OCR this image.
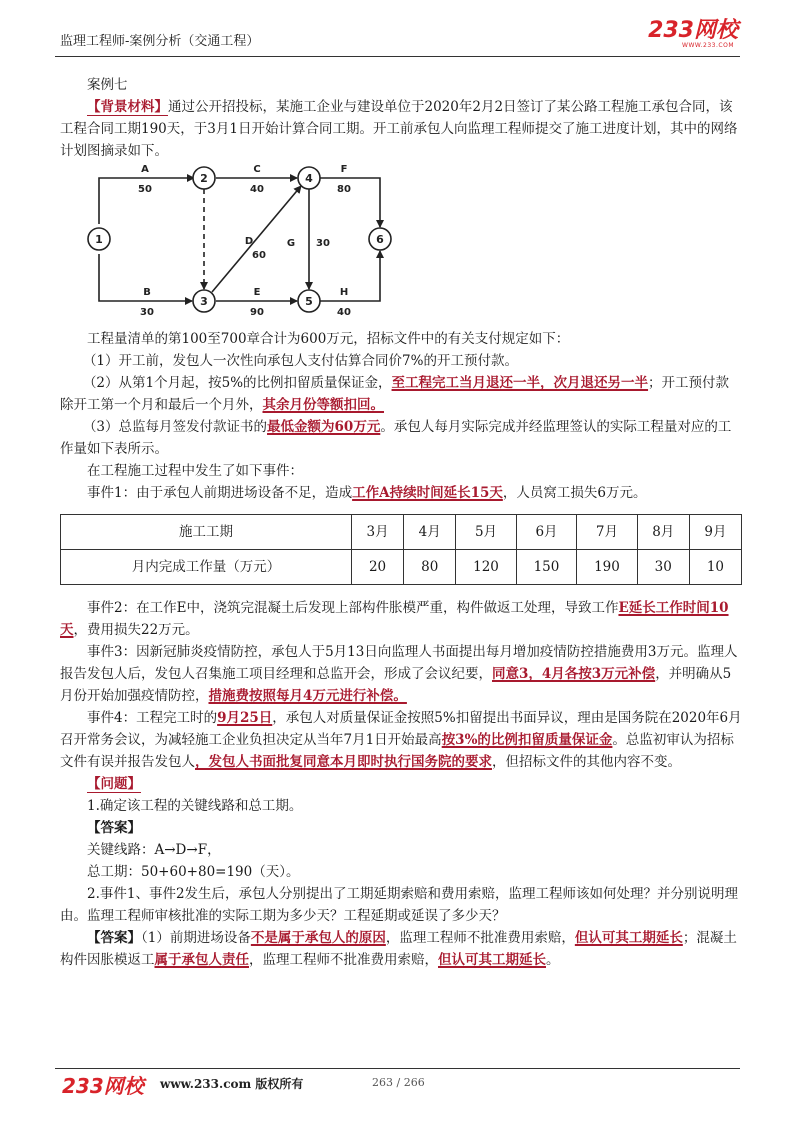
监理工程师-案例分析（交通工程）	233网校
WWW.233.COM

案例七

【背景材料】通过公开招投标，某施工企业与建设单位于2020年2月2日签订了某公路工程施工承包合同，该工程合同工期190天，于3月1日开始计算合同工期。开工前承包人向监理工程师提交了施工进度计划，其中的网络计划图摘录如下。

1
2
3
4
5
6
A
50
B
30
C
40
D
60
E
90
F
80
G 30
H
40

工程量清单的第100至700章合计为600万元，招标文件中的有关支付规定如下：

（1）开工前，发包人一次性向承包人支付估算合同价7%的开工预付款。

（2）从第1个月起，按5%的比例扣留质量保证金，至工程完工当月退还一半，次月退还另一半；开工预付款除开工第一个月和最后一个月外，其余月份等额扣回。

（3）总监每月签发付款证书的最低金额为60万元。承包人每月实际完成并经监理签认的实际工程量对应的工作量如下表所示。

在工程施工过程中发生了如下事件：

事件1：由于承包人前期进场设备不足，造成工作A持续时间延长15天，人员窝工损失6万元。

施工工期	3月	4月	5月	6月	7月	8月	9月
月内完成工作量（万元）	20	80	120	150	190	30	10

事件2：在工作E中，浇筑完混凝土后发现上部构件胀模严重，构件做返工处理，导致工作E延长工作时间10天，费用损失22万元。

事件3：因新冠肺炎疫情防控，承包人于5月13日向监理人书面提出每月增加疫情防控措施费用3万元。监理人报告发包人后，发包人召集施工项目经理和总监开会，形成了会议纪要，同意3，4月各按3万元补偿，并明确从5月份开始加强疫情防控，措施费按照每月4万元进行补偿。

事件4：工程完工时的9月25日，承包人对质量保证金按照5%扣留提出书面异议，理由是国务院在2020年6月召开常务会议，为减轻施工企业负担决定从当年7月1日开始最高按3%的比例扣留质量保证金。总监初审认为招标文件有误并报告发包人，发包人书面批复同意本月即时执行国务院的要求，但招标文件的其他内容不变。

【问题】

1.确定该工程的关键线路和总工期。

【答案】

关键线路：A→D→F，

总工期：50+60+80=190（天）。

2.事件1、事件2发生后，承包人分别提出了工期延期索赔和费用索赔，监理工程师该如何处理？并分别说明理由。监理工程师审核批准的实际工期为多少天？工程延期或延误了多少天？

【答案】（1）前期进场设备不是属于承包人的原因，监理工程师不批准费用索赔，但认可其工期延长；混凝土构件因胀模返工属于承包人责任，监理工程师不批准费用索赔，但认可其工期延长。

233网校 www.233.com 版权所有	263 / 266
